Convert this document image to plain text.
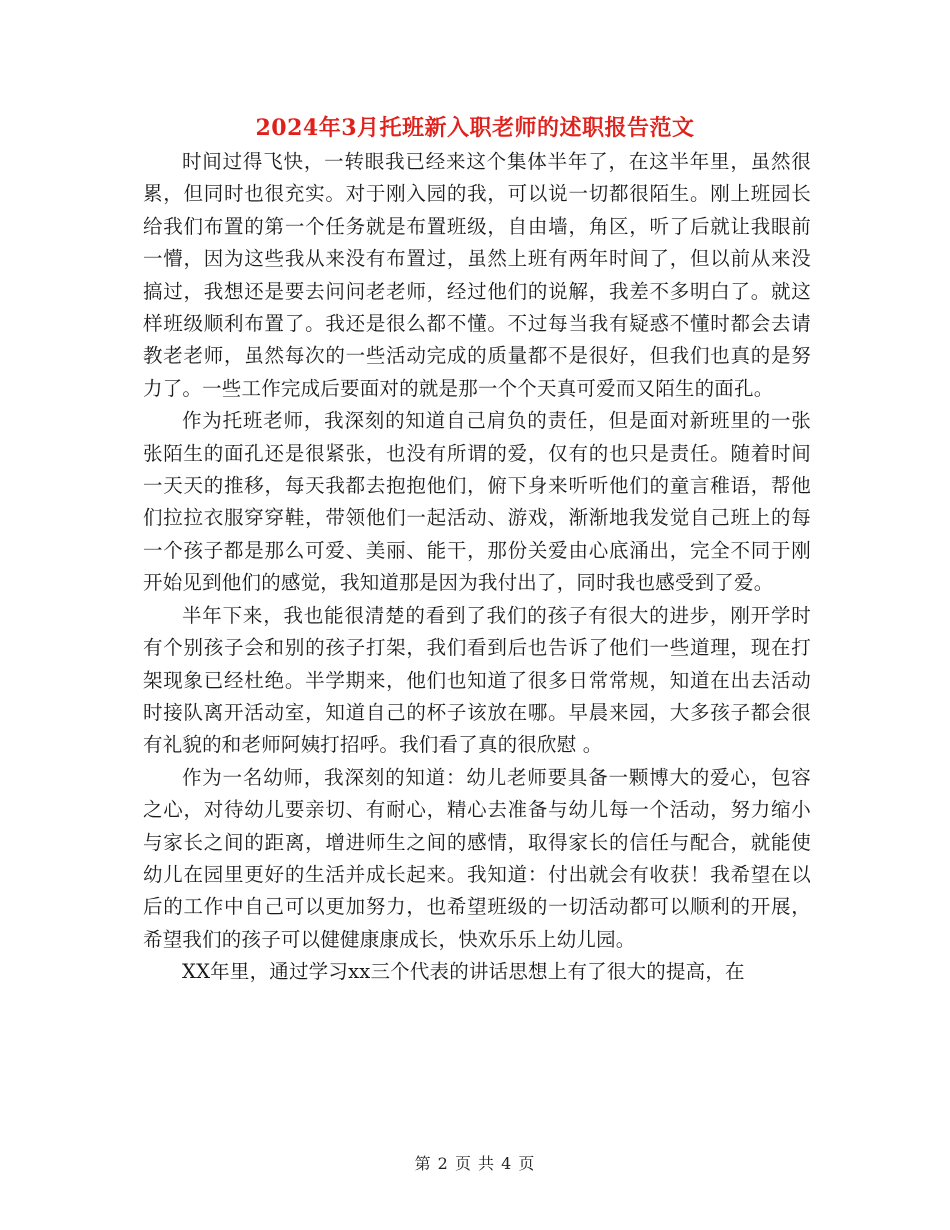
2024年3月托班新入职老师的述职报告范文

时间过得飞快，一转眼我已经来这个集体半年了，在这半年里，虽然很累，但同时也很充实。对于刚入园的我，可以说一切都很陌生。刚上班园长给我们布置的第一个任务就是布置班级，自由墙，角区，听了后就让我眼前一懵，因为这些我从来没有布置过，虽然上班有两年时间了，但以前从来没搞过，我想还是要去问问老老师，经过他们的说解，我差不多明白了。就这样班级顺利布置了。我还是很么都不懂。不过每当我有疑惑不懂时都会去请教老老师，虽然每次的一些活动完成的质量都不是很好，但我们也真的是努力了。一些工作完成后要面对的就是那一个个天真可爱而又陌生的面孔。

作为托班老师，我深刻的知道自己肩负的责任，但是面对新班里的一张张陌生的面孔还是很紧张，也没有所谓的爱，仅有的也只是责任。随着时间一天天的推移，每天我都去抱抱他们，俯下身来听听他们的童言稚语，帮他们拉拉衣服穿穿鞋，带领他们一起活动、游戏，渐渐地我发觉自己班上的每一个孩子都是那么可爱、美丽、能干，那份关爱由心底涌出，完全不同于刚开始见到他们的感觉，我知道那是因为我付出了，同时我也感受到了爱。

半年下来，我也能很清楚的看到了我们的孩子有很大的进步，刚开学时有个别孩子会和别的孩子打架，我们看到后也告诉了他们一些道理，现在打架现象已经杜绝。半学期来，他们也知道了很多日常常规，知道在出去活动时接队离开活动室，知道自己的杯子该放在哪。早晨来园，大多孩子都会很有礼貌的和老师阿姨打招呼。我们看了真的很欣慰 。

作为一名幼师，我深刻的知道：幼儿老师要具备一颗博大的爱心，包容之心，对待幼儿要亲切、有耐心，精心去准备与幼儿每一个活动，努力缩小与家长之间的距离，增进师生之间的感情，取得家长的信任与配合，就能使幼儿在园里更好的生活并成长起来。我知道：付出就会有收获！我希望在以后的工作中自己可以更加努力，也希望班级的一切活动都可以顺利的开展，希望我们的孩子可以健健康康成长，快欢乐乐上幼儿园。

XX年里，通过学习xx三个代表的讲话思想上有了很大的提高，在

第 2 页 共 4 页
